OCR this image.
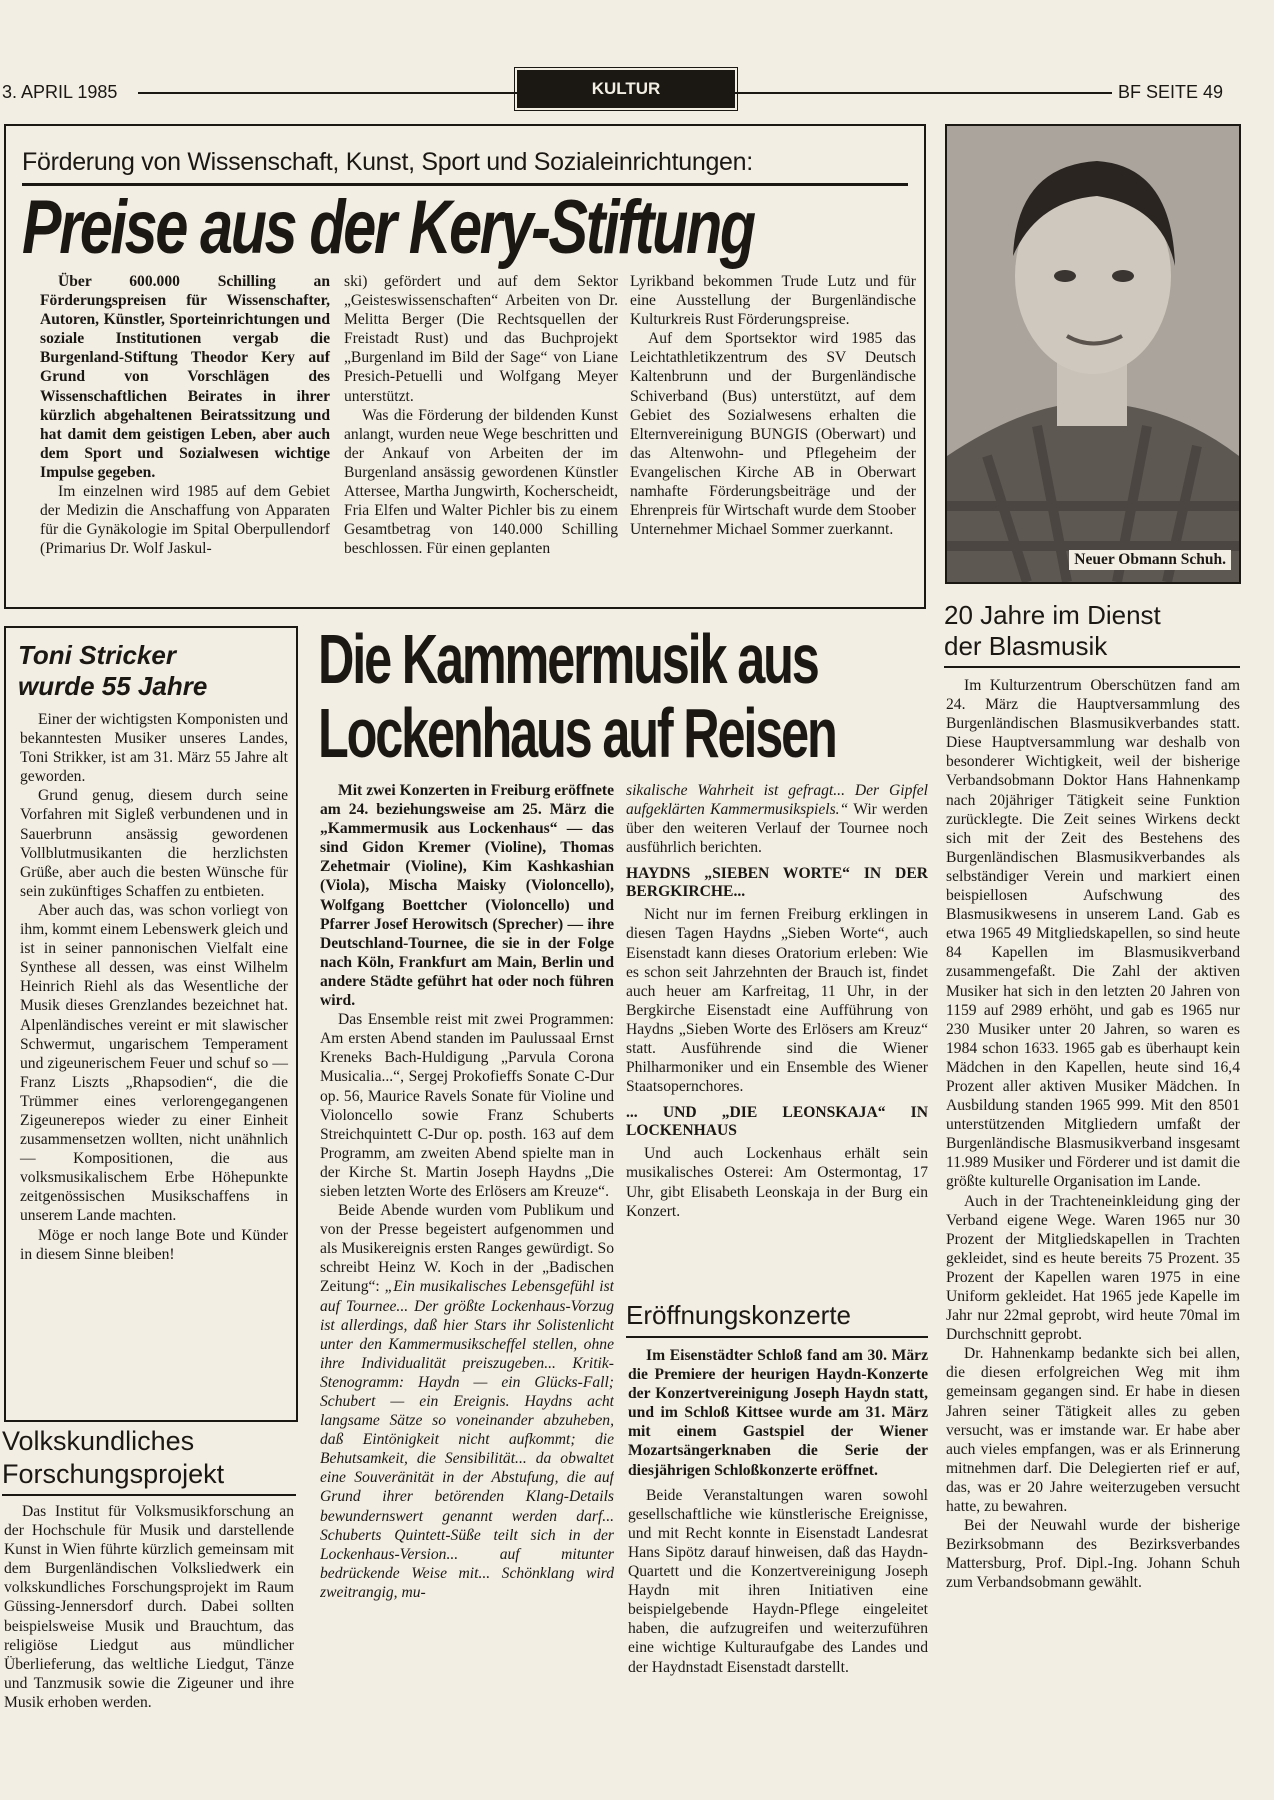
3. APRIL 1985	KULTUR	BF SEITE 49
Förderung von Wissenschaft, Kunst, Sport und Sozialeinrichtungen:
Preise aus der Kery-Stiftung

Über 600.000 Schilling an Förderungspreisen für Wissenschafter, Autoren, Künstler, Sporteinrichtungen und soziale Institutionen vergab die Burgenland-Stiftung Theodor Kery auf Grund von Vorschlägen des Wissenschaftlichen Beirates in ihrer kürzlich abgehaltenen Beiratssitzung und hat damit dem geistigen Leben, aber auch dem Sport und Sozialwesen wichtige Impulse gegeben.

Im einzelnen wird 1985 auf dem Gebiet der Medizin die Anschaffung von Apparaten für die Gynäkologie im Spital Oberpullendorf (Primarius Dr. Wolf Jaskul-

ski) gefördert und auf dem Sektor „Geisteswissenschaften“ Arbeiten von Dr. Melitta Berger (Die Rechtsquellen der Freistadt Rust) und das Buchprojekt „Burgenland im Bild der Sage“ von Liane Presich-Petuelli und Wolfgang Meyer unterstützt.

Was die Förderung der bildenden Kunst anlangt, wurden neue Wege beschritten und der Ankauf von Arbeiten der im Burgenland ansässig gewordenen Künstler Attersee, Martha Jungwirth, Kocherscheidt, Fria Elfen und Walter Pichler bis zu einem Gesamtbetrag von 140.000 Schilling beschlossen. Für einen geplanten

Lyrikband bekommen Trude Lutz und für eine Ausstellung der Burgenländische Kulturkreis Rust Förderungspreise.

Auf dem Sportsektor wird 1985 das Leichtathletikzentrum des SV Deutsch Kaltenbrunn und der Burgenländische Schiverband (Bus) unterstützt, auf dem Gebiet des Sozialwesens erhalten die Elternvereinigung BUNGIS (Oberwart) und das Altenwohn- und Pflegeheim der Evangelischen Kirche AB in Oberwart namhafte Förderungsbeiträge und der Ehrenpreis für Wirtschaft wurde dem Stoober Unternehmer Michael Sommer zuerkannt.

Neuer Obmann Schuh.
20 Jahre im Dienst
der Blasmusik

Im Kulturzentrum Oberschützen fand am 24. März die Hauptversammlung des Burgenländischen Blasmusikverbandes statt. Diese Hauptversammlung war deshalb von besonderer Wichtigkeit, weil der bisherige Verbandsobmann Doktor Hans Hahnenkamp nach 20jähriger Tätigkeit seine Funktion zurücklegte. Die Zeit seines Wirkens deckt sich mit der Zeit des Bestehens des Burgenländischen Blasmusikverbandes als selbständiger Verein und markiert einen beispiellosen Aufschwung des Blasmusikwesens in unserem Land. Gab es etwa 1965 49 Mitgliedskapellen, so sind heute 84 Kapellen im Blasmusikverband zusammengefaßt. Die Zahl der aktiven Musiker hat sich in den letzten 20 Jahren von 1159 auf 2989 erhöht, und gab es 1965 nur 230 Musiker unter 20 Jahren, so waren es 1984 schon 1633. 1965 gab es überhaupt kein Mädchen in den Kapellen, heute sind 16,4 Prozent aller aktiven Musiker Mädchen. In Ausbildung standen 1965 999. Mit den 8501 unterstützenden Mitgliedern umfaßt der Burgenländische Blasmusikverband insgesamt 11.989 Musiker und Förderer und ist damit die größte kulturelle Organisation im Lande.

Auch in der Trachteneinkleidung ging der Verband eigene Wege. Waren 1965 nur 30 Prozent der Mitgliedskapellen in Trachten gekleidet, sind es heute bereits 75 Prozent. 35 Prozent der Kapellen waren 1975 in eine Uniform gekleidet. Hat 1965 jede Kapelle im Jahr nur 22mal geprobt, wird heute 70mal im Durchschnitt geprobt.

Dr. Hahnenkamp bedankte sich bei allen, die diesen erfolgreichen Weg mit ihm gemeinsam gegangen sind. Er habe in diesen Jahren seiner Tätigkeit alles zu geben versucht, was er imstande war. Er habe aber auch vieles empfangen, was er als Erinnerung mitnehmen darf. Die Delegierten rief er auf, das, was er 20 Jahre weiterzugeben versucht hatte, zu bewahren.

Bei der Neuwahl wurde der bisherige Bezirksobmann des Bezirksverbandes Mattersburg, Prof. Dipl.-Ing. Johann Schuh zum Verbandsobmann gewählt.

Toni Stricker
wurde 55 Jahre

Einer der wichtigsten Komponisten und bekanntesten Musiker unseres Landes, Toni Strikker, ist am 31. März 55 Jahre alt geworden.

Grund genug, diesem durch seine Vorfahren mit Sigleß verbundenen und in Sauerbrunn ansässig gewordenen Vollblutmusikanten die herzlichsten Grüße, aber auch die besten Wünsche für sein zukünftiges Schaffen zu entbieten.

Aber auch das, was schon vorliegt von ihm, kommt einem Lebenswerk gleich und ist in seiner pannonischen Vielfalt eine Synthese all dessen, was einst Wilhelm Heinrich Riehl als das Wesentliche der Musik dieses Grenzlandes bezeichnet hat. Alpenländisches vereint er mit slawischer Schwermut, ungarischem Temperament und zigeunerischem Feuer und schuf so — Franz Liszts „Rhapsodien“, die die Trümmer eines verlorengegangenen Zigeunerepos wieder zu einer Einheit zusammensetzen wollten, nicht unähnlich — Kompositionen, die aus volksmusikalischem Erbe Höhepunkte zeitgenössischen Musikschaffens in unserem Lande machten.

Möge er noch lange Bote und Künder in diesem Sinne bleiben!

Volkskundliches
Forschungsprojekt

Das Institut für Volksmusikforschung an der Hochschule für Musik und darstellende Kunst in Wien führte kürzlich gemeinsam mit dem Burgenländischen Volksliedwerk ein volkskundliches Forschungsprojekt im Raum Güssing-Jennersdorf durch. Dabei sollten beispielsweise Musik und Brauchtum, das religiöse Liedgut aus mündlicher Überlieferung, das weltliche Liedgut, Tänze und Tanzmusik sowie die Zigeuner und ihre Musik erhoben werden.

Die Kammermusik aus
Lockenhaus auf Reisen

Mit zwei Konzerten in Freiburg eröffnete am 24. beziehungsweise am 25. März die „Kammermusik aus Lockenhaus“ — das sind Gidon Kremer (Violine), Thomas Zehetmair (Violine), Kim Kashkashian (Viola), Mischa Maisky (Violoncello), Wolfgang Boettcher (Violoncello) und Pfarrer Josef Herowitsch (Sprecher) — ihre Deutschland-Tournee, die sie in der Folge nach Köln, Frankfurt am Main, Berlin und andere Städte geführt hat oder noch führen wird.

Das Ensemble reist mit zwei Programmen: Am ersten Abend standen im Paulussaal Ernst Kreneks Bach-Huldigung „Parvula Corona Musicalia...“, Sergej Prokofieffs Sonate C-Dur op. 56, Maurice Ravels Sonate für Violine und Violoncello sowie Franz Schuberts Streichquintett C-Dur op. posth. 163 auf dem Programm, am zweiten Abend spielte man in der Kirche St. Martin Joseph Haydns „Die sieben letzten Worte des Erlösers am Kreuze“.

Beide Abende wurden vom Publikum und von der Presse begeistert aufgenommen und als Musikereignis ersten Ranges gewürdigt. So schreibt Heinz W. Koch in der „Badischen Zeitung“: „Ein musikalisches Lebensgefühl ist auf Tournee... Der größte Lockenhaus-Vorzug ist allerdings, daß hier Stars ihr Solistenlicht unter den Kammermusikscheffel stellen, ohne ihre Individualität preiszugeben... Kritik-Stenogramm: Haydn — ein Glücks-Fall; Schubert — ein Ereignis. Haydns acht langsame Sätze so voneinander abzuheben, daß Eintönigkeit nicht aufkommt; die Behutsamkeit, die Sensibilität... da obwaltet eine Souveränität in der Abstufung, die auf Grund ihrer betörenden Klang-Details bewundernswert genannt werden darf... Schuberts Quintett-Süße teilt sich in der Lockenhaus-Version... auf mitunter bedrückende Weise mit... Schönklang wird zweitrangig, mu-

sikalische Wahrheit ist gefragt... Der Gipfel aufgeklärten Kammermusikspiels.“ Wir werden über den weiteren Verlauf der Tournee noch ausführlich berichten.

HAYDNS „SIEBEN WORTE“ IN DER BERGKIRCHE...

Nicht nur im fernen Freiburg erklingen in diesen Tagen Haydns „Sieben Worte“, auch Eisenstadt kann dieses Oratorium erleben: Wie es schon seit Jahrzehnten der Brauch ist, findet auch heuer am Karfreitag, 11 Uhr, in der Bergkirche Eisenstadt eine Aufführung von Haydns „Sieben Worte des Erlösers am Kreuz“ statt. Ausführende sind die Wiener Philharmoniker und ein Ensemble des Wiener Staatsopernchores.

... UND „DIE LEONSKAJA“ IN LOCKENHAUS

Und auch Lockenhaus erhält sein musikalisches Osterei: Am Ostermontag, 17 Uhr, gibt Elisabeth Leonskaja in der Burg ein Konzert.

Eröffnungskonzerte

Im Eisenstädter Schloß fand am 30. März die Premiere der heurigen Haydn-Konzerte der Konzertvereinigung Joseph Haydn statt, und im Schloß Kittsee wurde am 31. März mit einem Gastspiel der Wiener Mozartsängerknaben die Serie der diesjährigen Schloßkonzerte eröffnet.

Beide Veranstaltungen waren sowohl gesellschaftliche wie künstlerische Ereignisse, und mit Recht konnte in Eisenstadt Landesrat Hans Sipötz darauf hinweisen, daß das Haydn-Quartett und die Konzertvereinigung Joseph Haydn mit ihren Initiativen eine beispielgebende Haydn-Pflege eingeleitet haben, die aufzugreifen und weiterzuführen eine wichtige Kulturaufgabe des Landes und der Haydnstadt Eisenstadt darstellt.
